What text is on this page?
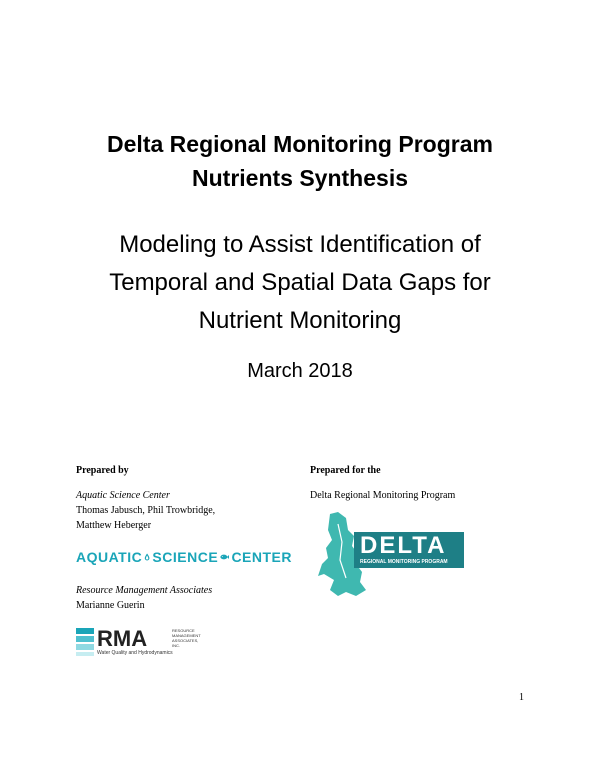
Delta Regional Monitoring Program
Nutrients Synthesis
Modeling to Assist Identification of
Temporal and Spatial Data Gaps for
Nutrient Monitoring
March 2018
Prepared by
Aquatic Science Center
Thomas Jabusch, Phil Trowbridge,
Matthew Heberger
AQUATIC SCIENCE CENTER
Resource Management Associates
Marianne Guerin
RMA	RESOURCE MANAGEMENT ASSOCIATES, INC.
Water Quality and Hydrodynamics
Prepared for the
Delta Regional Monitoring Program
DELTA
REGIONAL MONITORING PROGRAM
1
